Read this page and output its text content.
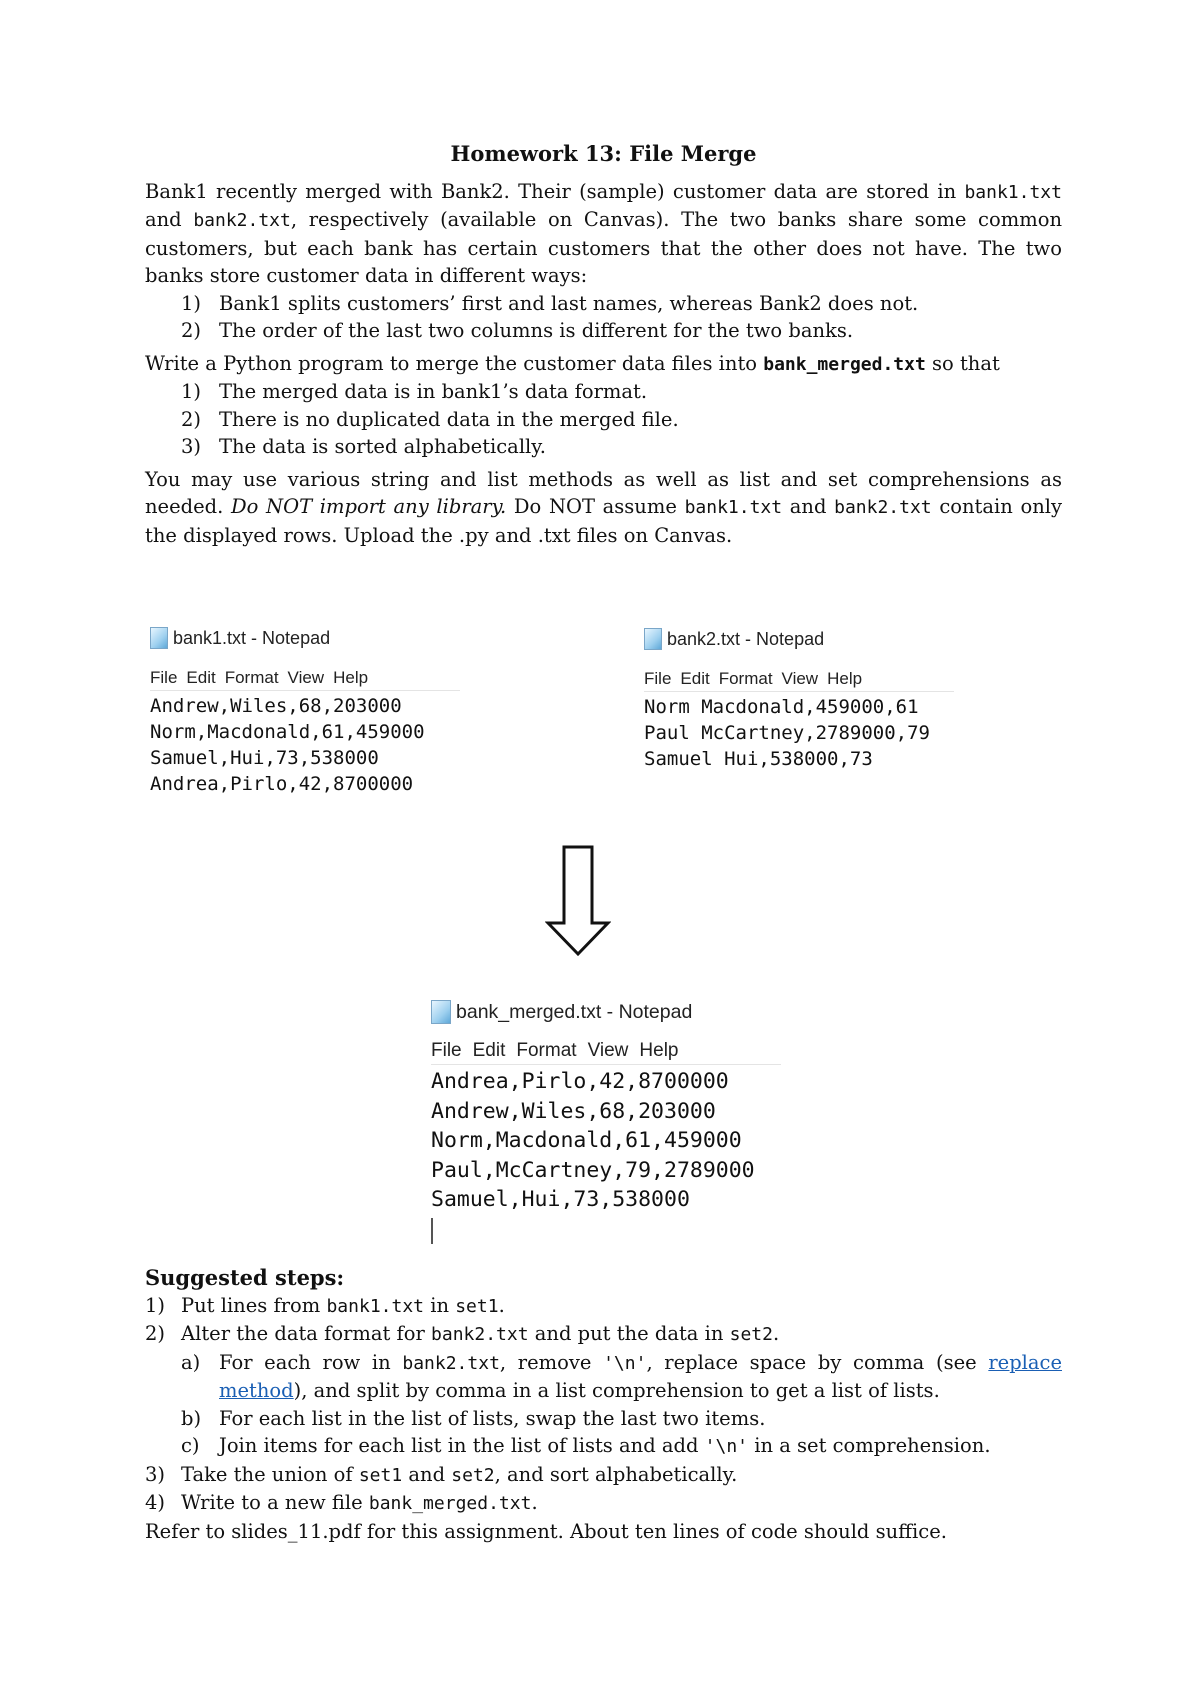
Homework 13: File Merge

Bank1 recently merged with Bank2. Their (sample) customer data are stored in bank1.txt and bank2.txt, respectively (available on Canvas). The two banks share some common customers, but each bank has certain customers that the other does not have. The two banks store customer data in different ways:

1) Bank1 splits customers’ first and last names, whereas Bank2 does not.
2) The order of the last two columns is different for the two banks.

Write a Python program to merge the customer data files into bank_merged.txt so that

1) The merged data is in bank1’s data format.
2) There is no duplicated data in the merged file.
3) The data is sorted alphabetically.

You may use various string and list methods as well as list and set comprehensions as needed. Do NOT import any library. Do NOT assume bank1.txt and bank2.txt contain only the displayed rows. Upload the .py and .txt files on Canvas.

bank1.txt - Notepad
File Edit Format View Help
Andrew,Wiles,68,203000
Norm,Macdonald,61,459000
Samuel,Hui,73,538000
Andrea,Pirlo,42,8700000
bank2.txt - Notepad
File Edit Format View Help
Norm Macdonald,459000,61
Paul McCartney,2789000,79
Samuel Hui,538000,73
bank_merged.txt - Notepad
File Edit Format View Help
Andrea,Pirlo,42,8700000
Andrew,Wiles,68,203000
Norm,Macdonald,61,459000
Paul,McCartney,79,2789000
Samuel,Hui,73,538000
Suggested steps:
1) Put lines from bank1.txt in set1.
2) Alter the data format for bank2.txt and put the data in set2.
a) For each row in bank2.txt, remove '\n', replace space by comma (see replace method), and split by comma in a list comprehension to get a list of lists.
b) For each list in the list of lists, swap the last two items.
c) Join items for each list in the list of lists and add '\n' in a set comprehension.
3) Take the union of set1 and set2, and sort alphabetically.
4) Write to a new file bank_merged.txt.
Refer to slides_11.pdf for this assignment. About ten lines of code should suffice.
